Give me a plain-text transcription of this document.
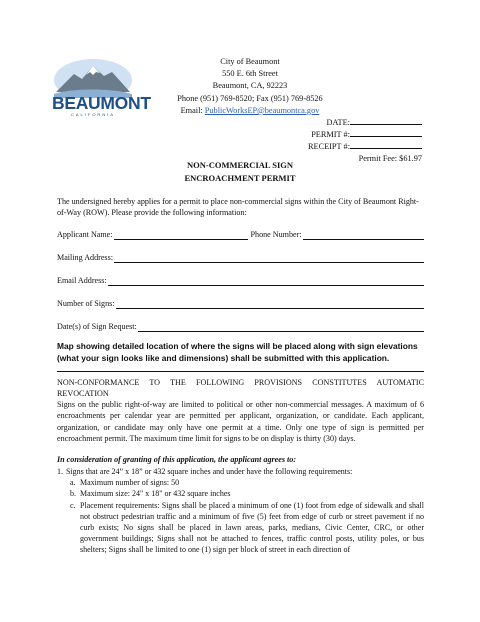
BEAUMONT
CALIFORNIA
City of Beaumont
550 E. 6th Street
Beaumont, CA, 92223
Phone (951) 769-8520; Fax (951) 769-8526
Email: PublicWorksEP@beaumontca.gov
DATE:
PERMIT #:
RECEIPT #:
Permit Fee: $61.97
NON-COMMERCIAL SIGN
ENCROACHMENT PERMIT
The undersigned hereby applies for a permit to place non-commercial signs within the City of Beaumont Right-of-Way (ROW). Please provide the following information:
Applicant Name:	Phone Number:
Mailing Address:
Email Address:
Number of Signs:
Date(s) of Sign Request:
Map showing detailed location of where the signs will be placed along with sign elevations (what your sign looks like and dimensions) shall be submitted with this application.
NON-CONFORMANCE TO THE FOLLOWING PROVISIONS CONSTITUTES AUTOMATIC REVOCATION
Signs on the public right-of-way are limited to political or other non-commercial messages. A maximum of 6 encroachments per calendar year are permitted per applicant, organization, or candidate. Each applicant, organization, or candidate may only have one permit at a time. Only one type of sign is permitted per encroachment permit. The maximum time limit for signs to be on display is thirty (30) days.
In consideration of granting of this application, the applicant agrees to:
1. Signs that are 24” x 18” or 432 square inches and under have the following requirements:
a. Maximum number of signs: 50
b. Maximum size: 24" x 18" or 432 square inches
c. Placement requirements: Signs shall be placed a minimum of one (1) foot from edge of sidewalk and shall not obstruct pedestrian traffic and a minimum of five (5) feet from edge of curb or street pavement if no curb exists; No signs shall be placed in lawn areas, parks, medians, Civic Center, CRC, or other government buildings; Signs shall not be attached to fences, traffic control posts, utility poles, or bus shelters; Signs shall be limited to one (1) sign per block of street in each direction of
